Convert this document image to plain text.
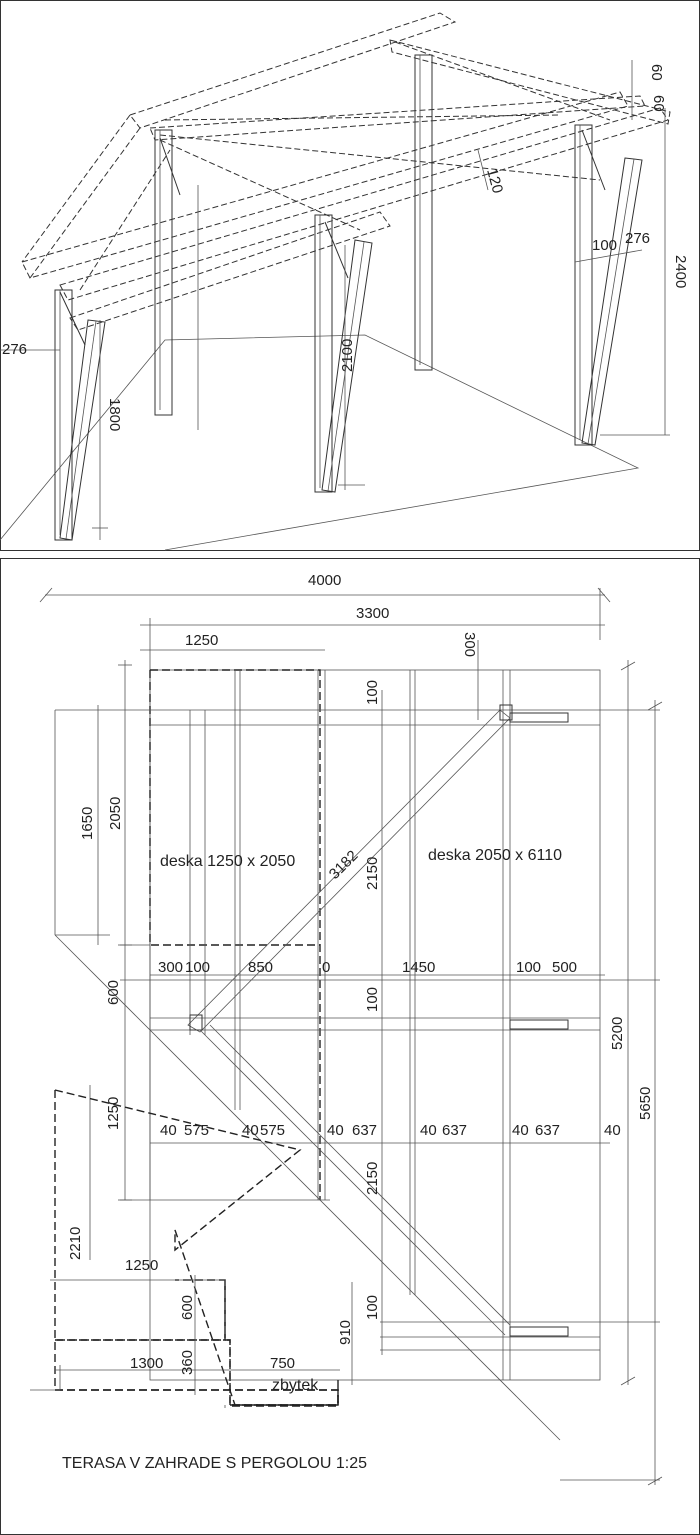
60
60
120
100 276
2400
276	2100
1800
4000
3300
1250	300
100
2050
1650
deska 1250 x 2050 3182 2150
deska 2050 x 6110
600
300 100	850	0	1450	100 500
100
5200
5650
1250
40 575 40 575	40 637	40 637	40 637	40
2150
2210
1250
600	100
910
360
1300	750
zbytek
TERASA V ZAHRADE S PERGOLOU 1:25
